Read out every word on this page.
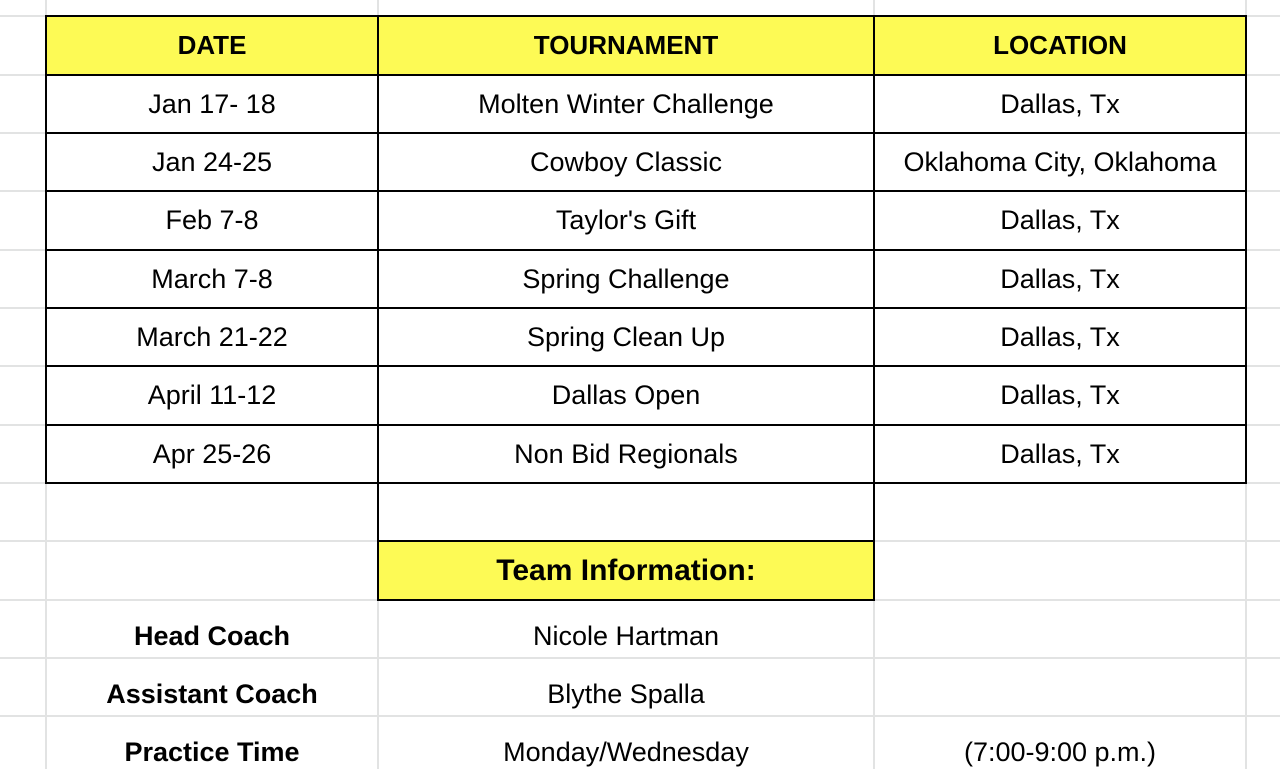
DATE	TOURNAMENT	LOCATION
Jan 17- 18	Molten Winter Challenge	Dallas, Tx
Jan 24-25	Cowboy Classic	Oklahoma City, Oklahoma
Feb 7-8	Taylor's Gift	Dallas, Tx
March 7-8	Spring Challenge	Dallas, Tx
March 21-22	Spring Clean Up	Dallas, Tx
April 11-12	Dallas Open	Dallas, Tx
Apr 25-26	Non Bid Regionals	Dallas, Tx
Team Information:
Head Coach	Nicole Hartman
Assistant Coach	Blythe Spalla
Practice Time	Monday/Wednesday	(7:00-9:00 p.m.)
